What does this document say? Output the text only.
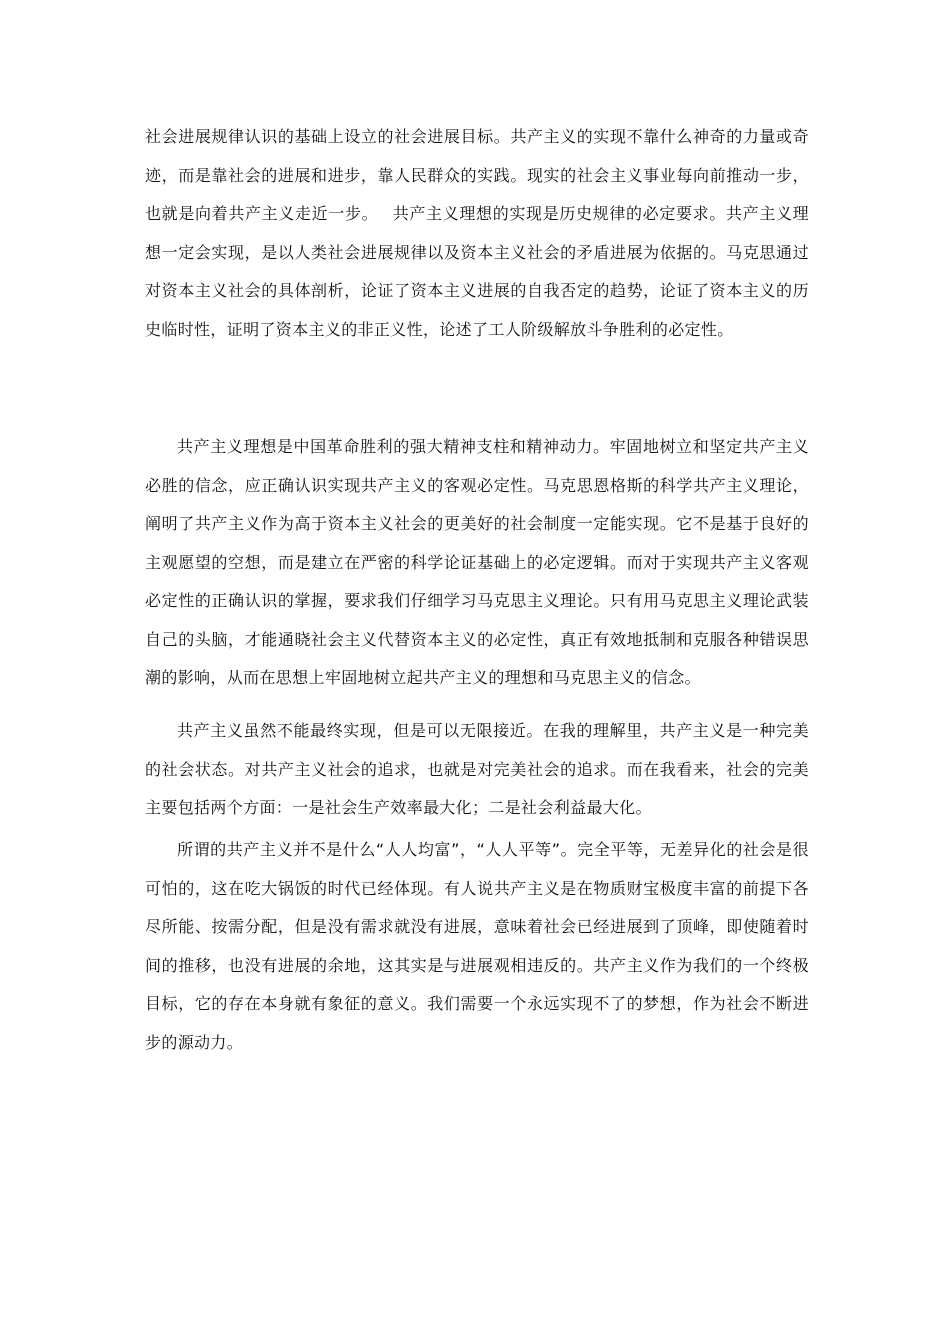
社会进展规律认识的基础上设立的社会进展目标。共产主义的实现不靠什么神奇的力量或奇迹，而是靠社会的进展和进步，靠人民群众的实践。现实的社会主义事业每向前推动一步，也就是向着共产主义走近一步。　 共产主义理想的实现是历史规律的必定要求。共产主义理想一定会实现，是以人类社会进展规律以及资本主义社会的矛盾进展为依据的。马克思通过对资本主义社会的具体剖析，论证了资本主义进展的自我否定的趋势，论证了资本主义的历史临时性，证明了资本主义的非正义性，论述了工人阶级解放斗争胜利的必定性。

共产主义理想是中国革命胜利的强大精神支柱和精神动力。牢固地树立和坚定共产主义必胜的信念，应正确认识实现共产主义的客观必定性。马克思恩格斯的科学共产主义理论，阐明了共产主义作为高于资本主义社会的更美好的社会制度一定能实现。它不是基于良好的主观愿望的空想，而是建立在严密的科学论证基础上的必定逻辑。而对于实现共产主义客观必定性的正确认识的掌握，要求我们仔细学习马克思主义理论。只有用马克思主义理论武装自己的头脑，才能通晓社会主义代替资本主义的必定性，真正有效地抵制和克服各种错误思潮的影响，从而在思想上牢固地树立起共产主义的理想和马克思主义的信念。

共产主义虽然不能最终实现，但是可以无限接近。在我的理解里，共产主义是一种完美的社会状态。对共产主义社会的追求，也就是对完美社会的追求。而在我看来，社会的完美主要包括两个方面：一是社会生产效率最大化；二是社会利益最大化。

所谓的共产主义并不是什么“人人均富”，“人人平等”。完全平等，无差异化的社会是很可怕的，这在吃大锅饭的时代已经体现。有人说共产主义是在物质财宝极度丰富的前提下各尽所能、按需分配，但是没有需求就没有进展，意味着社会已经进展到了顶峰，即使随着时间的推移，也没有进展的余地，这其实是与进展观相违反的。共产主义作为我们的一个终极目标，它的存在本身就有象征的意义。我们需要一个永远实现不了的梦想，作为社会不断进步的源动力。
